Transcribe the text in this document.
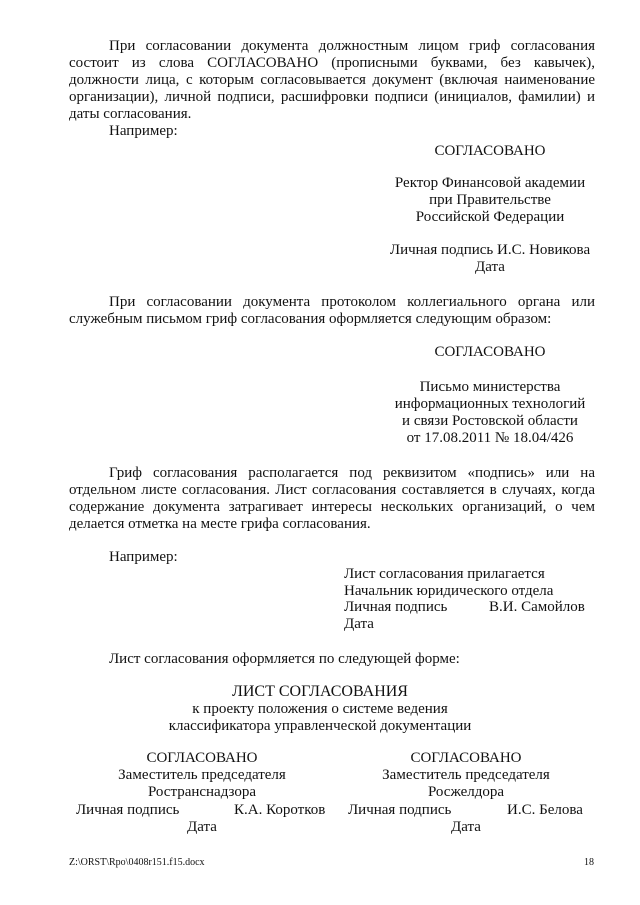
При согласовании документа должностным лицом гриф согласования
состоит из слова СОГЛАСОВАНО (прописными буквами, без кавычек),
должности лица, с которым согласовывается документ (включая наименование
организации), личной подписи, расшифровки подписи (инициалов, фамилии) и
даты согласования.
Например:
СОГЛАСОВАНО
Ректор Финансовой академии
при Правительстве
Российской Федерации
Личная подпись И.С. Новикова
Дата
При согласовании документа протоколом коллегиального органа или
служебным письмом гриф согласования оформляется следующим образом:
СОГЛАСОВАНО
Письмо министерства
информационных технологий
и связи Ростовской области
от 17.08.2011 № 18.04/426
Гриф согласования располагается под реквизитом «подпись» или на
отдельном листе согласования. Лист согласования составляется в случаях, когда
содержание документа затрагивает интересы нескольких организаций, о чем
делается отметка на месте грифа согласования.
Например:
Лист согласования прилагается
Начальник юридического отдела
Личная подпись	В.И. Самойлов
Дата
Лист согласования оформляется по следующей форме:
ЛИСТ СОГЛАСОВАНИЯ
к проекту положения о системе ведения
классификатора управленческой документации
СОГЛАСОВАНО
Заместитель председателя
Ространснадзора
Личная подпись	К.А. Коротков
Дата
СОГЛАСОВАНО
Заместитель председателя
Росжелдора
Личная подпись	И.С. Белова
Дата
Z:\ORST\Rpo\0408r151.f15.docx	18
